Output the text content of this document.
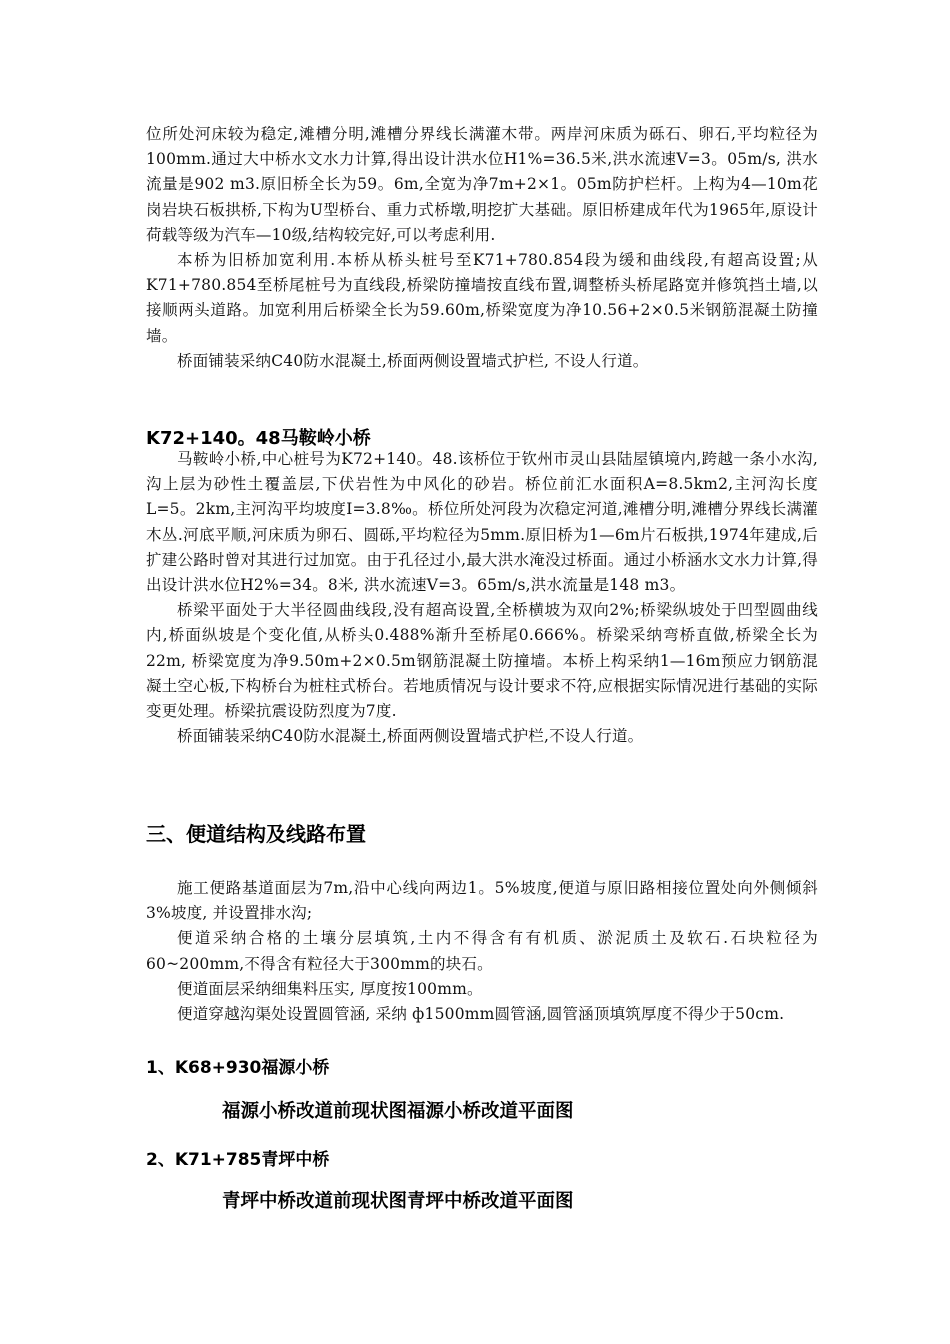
位所处河床较为稳定,滩槽分明,滩槽分界线长满灌木带。两岸河床质为砾石、卵石,平均粒径为100mm.通过大中桥水文水力计算,得出设计洪水位H1%=36.5米,洪水流速V=3。05m/s, 洪水流量是902 m3.原旧桥全长为59。6m,全宽为净7m+2×1。05m防护栏杆。上构为4—10m花岗岩块石板拱桥,下构为U型桥台、重力式桥墩,明挖扩大基础。原旧桥建成年代为1965年,原设计荷载等级为汽车—10级,结构较完好,可以考虑利用.

本桥为旧桥加宽利用.本桥从桥头桩号至K71+780.854段为缓和曲线段,有超高设置;从K71+780.854至桥尾桩号为直线段,桥梁防撞墙按直线布置,调整桥头桥尾路宽并修筑挡土墙,以接顺两头道路。加宽利用后桥梁全长为59.60m,桥梁宽度为净10.56+2×0.5米钢筋混凝土防撞墙。

桥面铺装采纳C40防水混凝土,桥面两侧设置墙式护栏, 不设人行道。

K72+140。48马鞍岭小桥

马鞍岭小桥,中心桩号为K72+140。48.该桥位于钦州市灵山县陆屋镇境内,跨越一条小水沟,沟上层为砂性土覆盖层,下伏岩性为中风化的砂岩。桥位前汇水面积A=8.5km2,主河沟长度L=5。2km,主河沟平均坡度I=3.8‰。桥位所处河段为次稳定河道,滩槽分明,滩槽分界线长满灌木丛.河底平顺,河床质为卵石、圆砾,平均粒径为5mm.原旧桥为1—6m片石板拱,1974年建成,后扩建公路时曾对其进行过加宽。由于孔径过小,最大洪水淹没过桥面。通过小桥涵水文水力计算,得出设计洪水位H2%=34。8米, 洪水流速V=3。65m/s,洪水流量是148 m3。

桥梁平面处于大半径圆曲线段,没有超高设置,全桥横坡为双向2%;桥梁纵坡处于凹型圆曲线内,桥面纵坡是个变化值,从桥头0.488%渐升至桥尾0.666%。桥梁采纳弯桥直做,桥梁全长为22m, 桥梁宽度为净9.50m+2×0.5m钢筋混凝土防撞墙。本桥上构采纳1—16m预应力钢筋混凝土空心板,下构桥台为桩柱式桥台。若地质情况与设计要求不符,应根据实际情况进行基础的实际变更处理。桥梁抗震设防烈度为7度.

桥面铺装采纳C40防水混凝土,桥面两侧设置墙式护栏,不设人行道。

三、便道结构及线路布置

施工便路基道面层为7m,沿中心线向两边1。5%坡度,便道与原旧路相接位置处向外侧倾斜3%坡度, 并设置排水沟;

便道采纳合格的土壤分层填筑,土内不得含有有机质、淤泥质土及软石.石块粒径为60~200mm,不得含有粒径大于300mm的块石。

便道面层采纳细集料压实, 厚度按100mm。

便道穿越沟渠处设置圆管涵, 采纳 ф1500mm圆管涵,圆管涵顶填筑厚度不得少于50cm.

1、K68+930福源小桥
福源小桥改道前现状图福源小桥改道平面图
2、K71+785青坪中桥
青坪中桥改道前现状图青坪中桥改道平面图
